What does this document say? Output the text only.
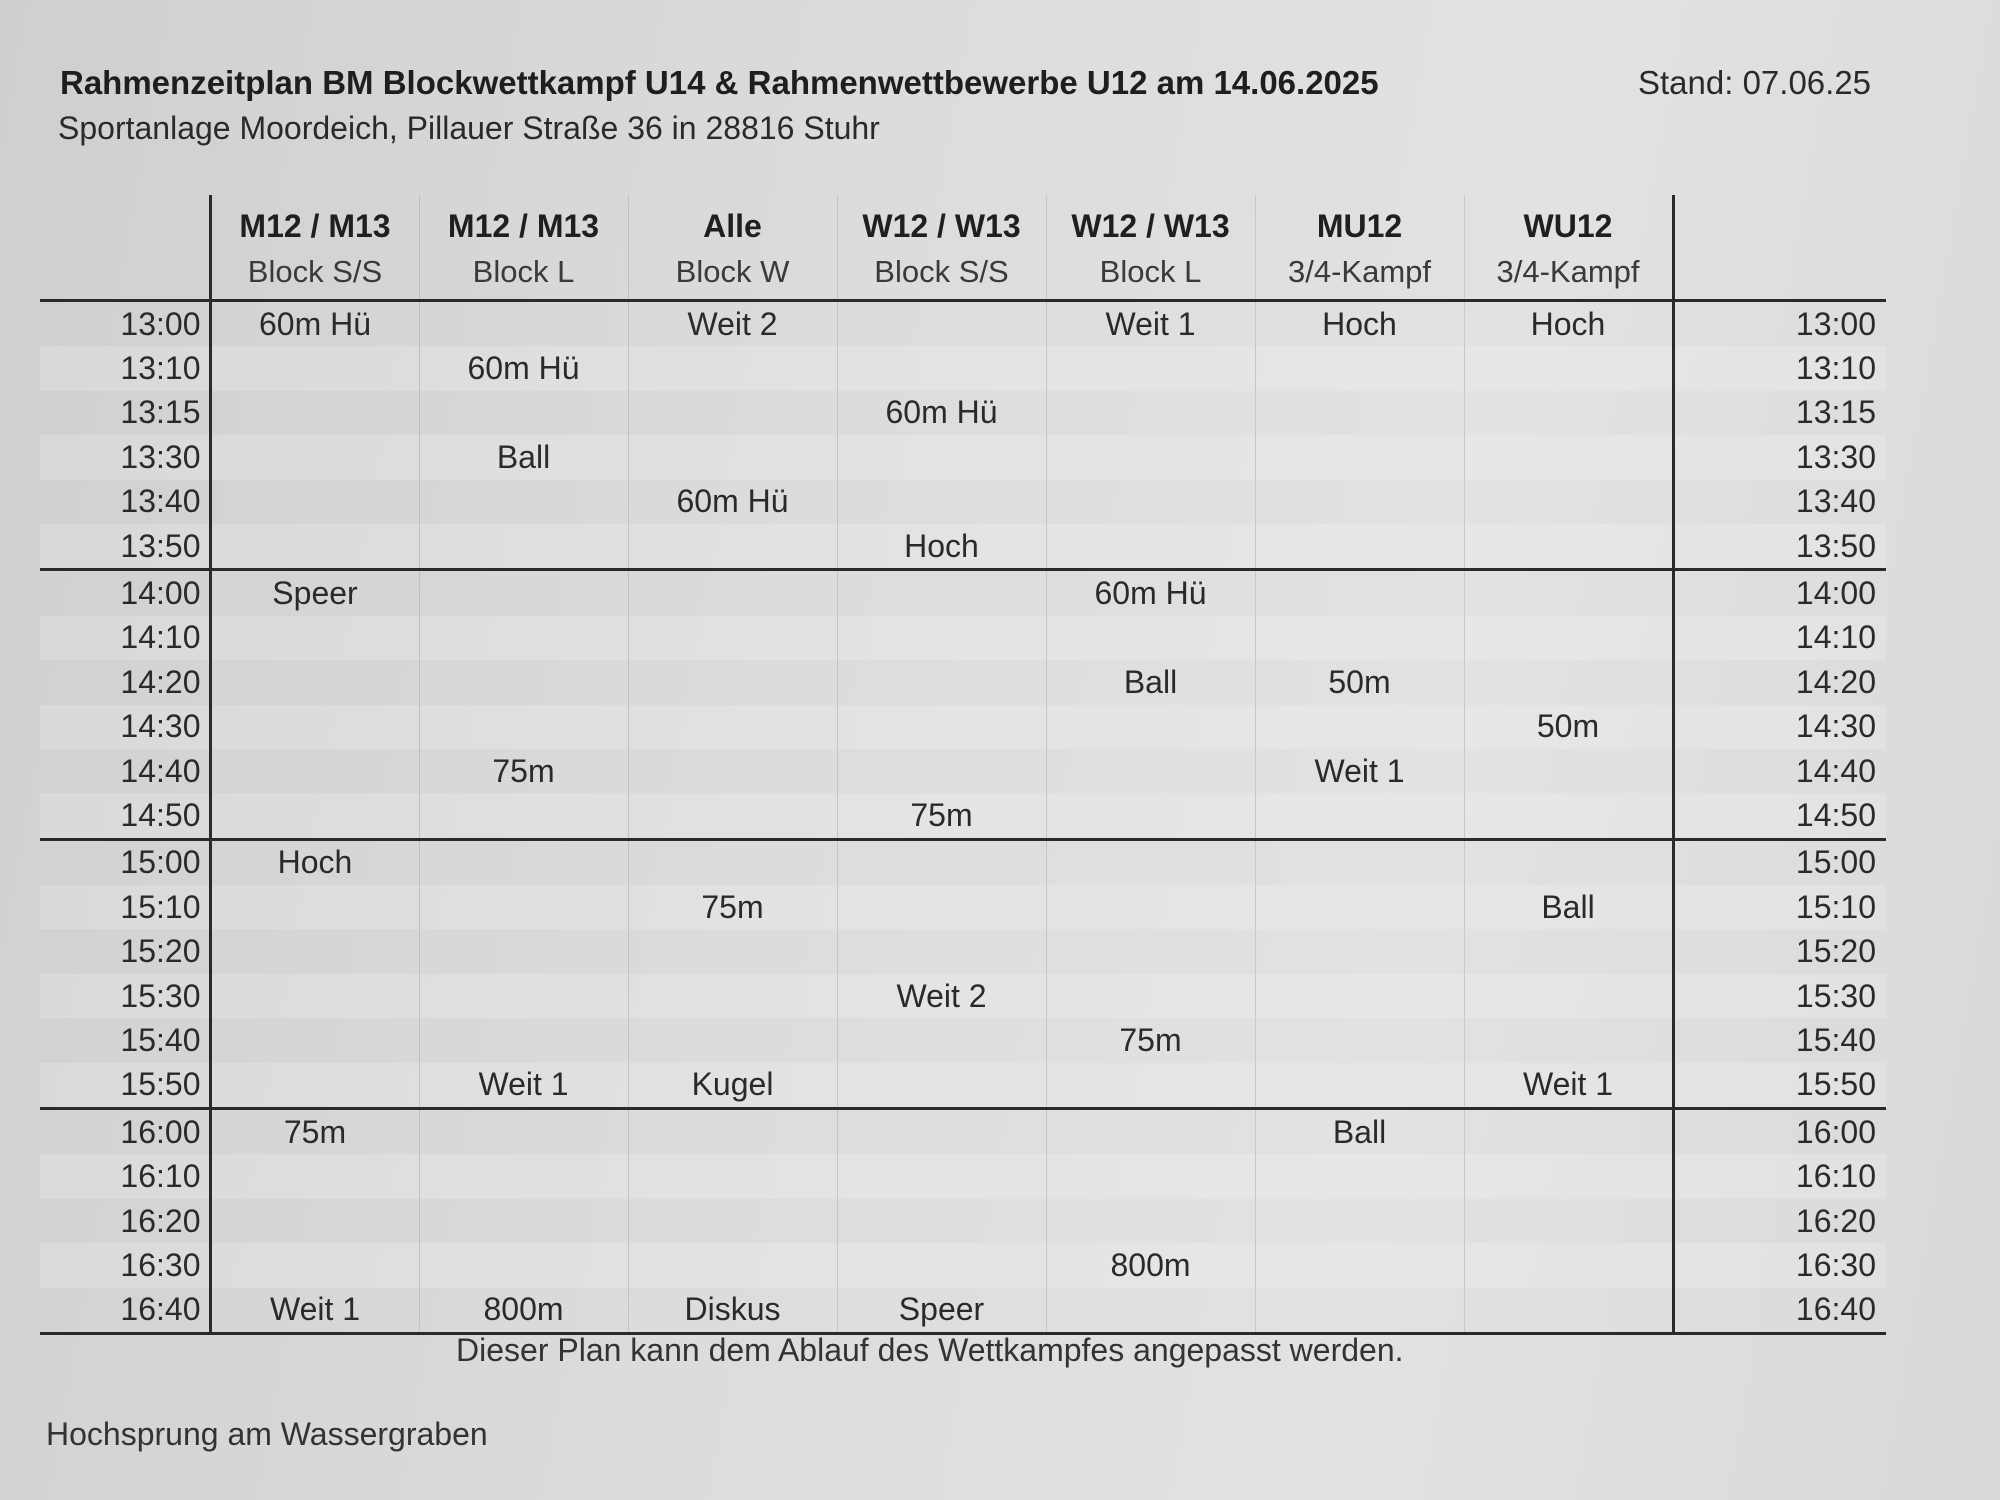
Rahmenzeitplan BM Blockwettkampf U14 & Rahmenwettbewerbe U12 am 14.06.2025	Stand: 07.06.25
Sportanlage Moordeich, Pillauer Straße 36 in 28816 Stuhr
	M12 / M13	M12 / M13	Alle	W12 / W13	W12 / W13	MU12	WU12	
	Block S/S	Block L	Block W	Block S/S	Block L	3/4-Kampf	3/4-Kampf	
13:00	60m Hü		Weit 2		Weit 1	Hoch	Hoch	13:00
13:10		60m Hü						13:10
13:15				60m Hü				13:15
13:30		Ball						13:30
13:40			60m Hü					13:40
13:50				Hoch				13:50
14:00	Speer				60m Hü			14:00
14:10								14:10
14:20					Ball	50m		14:20
14:30							50m	14:30
14:40		75m				Weit 1		14:40
14:50				75m				14:50
15:00	Hoch							15:00
15:10			75m				Ball	15:10
15:20								15:20
15:30				Weit 2				15:30
15:40					75m			15:40
15:50		Weit 1	Kugel				Weit 1	15:50
16:00	75m					Ball		16:00
16:10								16:10
16:20								16:20
16:30					800m			16:30
16:40	Weit 1	800m	Diskus	Speer				16:40
Dieser Plan kann dem Ablauf des Wettkampfes angepasst werden.
Hochsprung am Wassergraben
